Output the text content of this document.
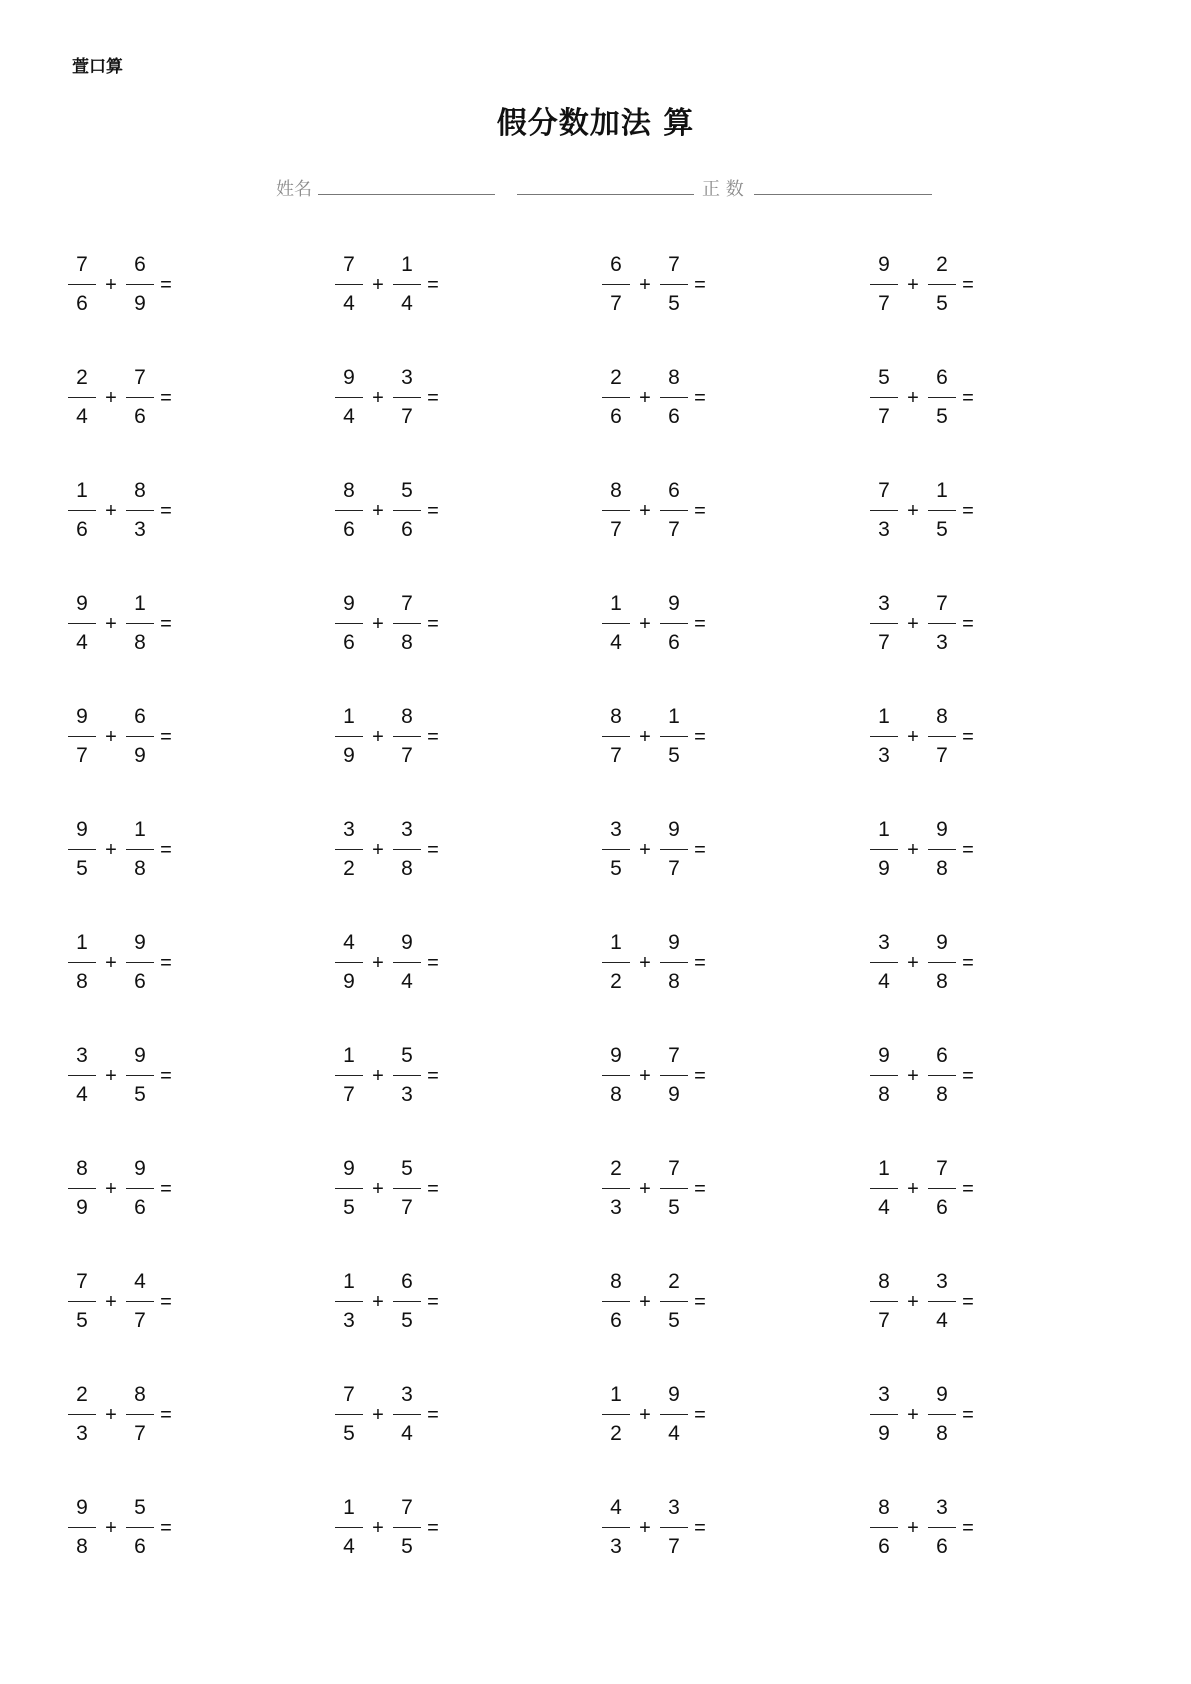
萱口算
假分数加法 算
姓名	正 数
$\frac{7}{6} + \frac{6}{9}$ =	$\frac{7}{4} + \frac{1}{4}$ =	$\frac{6}{7} + \frac{7}{5}$ =	$\frac{9}{7} + \frac{2}{5}$ =
$\frac{2}{4} + \frac{7}{6}$ =	$\frac{9}{4} + \frac{3}{7}$ =	$\frac{2}{6} + \frac{8}{6}$ =	$\frac{5}{7} + \frac{6}{5}$ =
$\frac{1}{6} + \frac{8}{3}$ =	$\frac{8}{6} + \frac{5}{6}$ =	$\frac{8}{7} + \frac{6}{7}$ =	$\frac{7}{3} + \frac{1}{5}$ =
$\frac{9}{4} + \frac{1}{8}$ =	$\frac{9}{6} + \frac{7}{8}$ =	$\frac{1}{4} + \frac{9}{6}$ =	$\frac{3}{7} + \frac{7}{3}$ =
$\frac{9}{7} + \frac{6}{9}$ =	$\frac{1}{9} + \frac{8}{7}$ =	$\frac{8}{7} + \frac{1}{5}$ =	$\frac{1}{3} + \frac{8}{7}$ =
$\frac{9}{5} + \frac{1}{8}$ =	$\frac{3}{2} + \frac{3}{8}$ =	$\frac{3}{5} + \frac{9}{7}$ =	$\frac{1}{9} + \frac{9}{8}$ =
$\frac{1}{8} + \frac{9}{6}$ =	$\frac{4}{9} + \frac{9}{4}$ =	$\frac{1}{2} + \frac{9}{8}$ =	$\frac{3}{4} + \frac{9}{8}$ =
$\frac{3}{4} + \frac{9}{5}$ =	$\frac{1}{7} + \frac{5}{3}$ =	$\frac{9}{8} + \frac{7}{9}$ =	$\frac{9}{8} + \frac{6}{8}$ =
$\frac{8}{9} + \frac{9}{6}$ =	$\frac{9}{5} + \frac{5}{7}$ =	$\frac{2}{3} + \frac{7}{5}$ =	$\frac{1}{4} + \frac{7}{6}$ =
$\frac{7}{5} + \frac{4}{7}$ =	$\frac{1}{3} + \frac{6}{5}$ =	$\frac{8}{6} + \frac{2}{5}$ =	$\frac{8}{7} + \frac{3}{4}$ =
$\frac{2}{3} + \frac{8}{7}$ =	$\frac{7}{5} + \frac{3}{4}$ =	$\frac{1}{2} + \frac{9}{4}$ =	$\frac{3}{9} + \frac{9}{8}$ =
$\frac{9}{8} + \frac{5}{6}$ =	$\frac{1}{4} + \frac{7}{5}$ =	$\frac{4}{3} + \frac{3}{7}$ =	$\frac{8}{6} + \frac{3}{6}$ =
